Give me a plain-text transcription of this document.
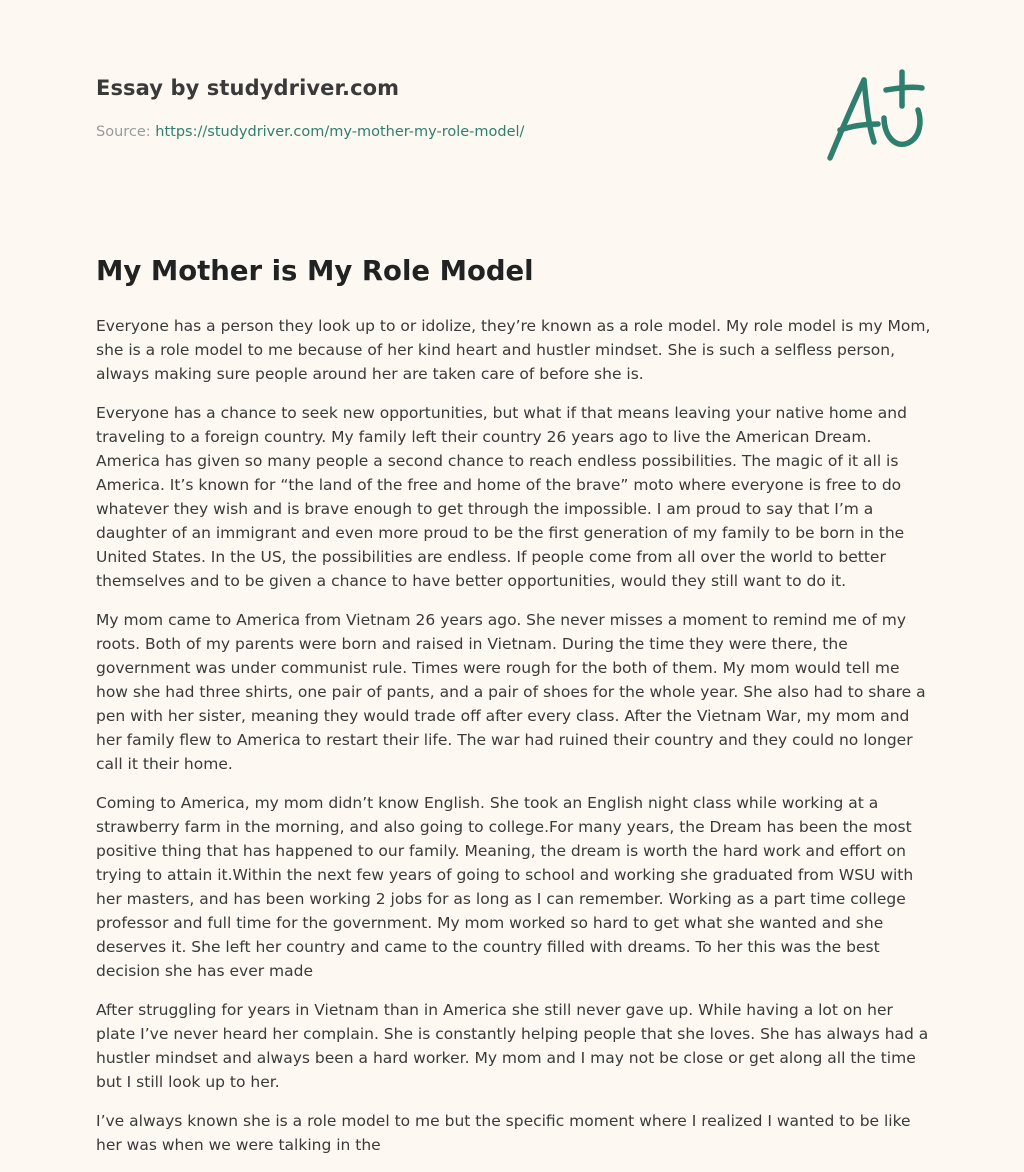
Essay by studydriver.com
Source: https://studydriver.com/my-mother-my-role-model/
My Mother is My Role Model

Everyone has a person they look up to or idolize, they’re known as a role model. My role model is my Mom, she is a role model to me because of her kind heart and hustler mindset. She is such a selfless person, always making sure people around her are taken care of before she is.

Everyone has a chance to seek new opportunities, but what if that means leaving your native home and traveling to a foreign country. My family left their country 26 years ago to live the American Dream. America has given so many people a second chance to reach endless possibilities. The magic of it all is America. It’s known for “the land of the free and home of the brave” moto where everyone is free to do whatever they wish and is brave enough to get through the impossible. I am proud to say that I’m a daughter of an immigrant and even more proud to be the first generation of my family to be born in the United States. In the US, the possibilities are endless. If people come from all over the world to better themselves and to be given a chance to have better opportunities, would they still want to do it.

My mom came to America from Vietnam 26 years ago. She never misses a moment to remind me of my roots. Both of my parents were born and raised in Vietnam. During the time they were there, the government was under communist rule. Times were rough for the both of them. My mom would tell me how she had three shirts, one pair of pants, and a pair of shoes for the whole year. She also had to share a pen with her sister, meaning they would trade off after every class. After the Vietnam War, my mom and her family flew to America to restart their life. The war had ruined their country and they could no longer call it their home.

Coming to America, my mom didn’t know English. She took an English night class while working at a strawberry farm in the morning, and also going to college.For many years, the Dream has been the most positive thing that has happened to our family. Meaning, the dream is worth the hard work and effort on trying to attain it.Within the next few years of going to school and working she graduated from WSU with her masters, and has been working 2 jobs for as long as I can remember. Working as a part time college professor and full time for the government. My mom worked so hard to get what she wanted and she deserves it. She left her country and came to the country filled with dreams. To her this was the best decision she has ever made

After struggling for years in Vietnam than in America she still never gave up. While having a lot on her plate I’ve never heard her complain. She is constantly helping people that she loves. She has always had a hustler mindset and always been a hard worker. My mom and I may not be close or get along all the time but I still look up to her.

I’ve always known she is a role model to me but the specific moment where I realized I wanted to be like her was when we were talking in the
